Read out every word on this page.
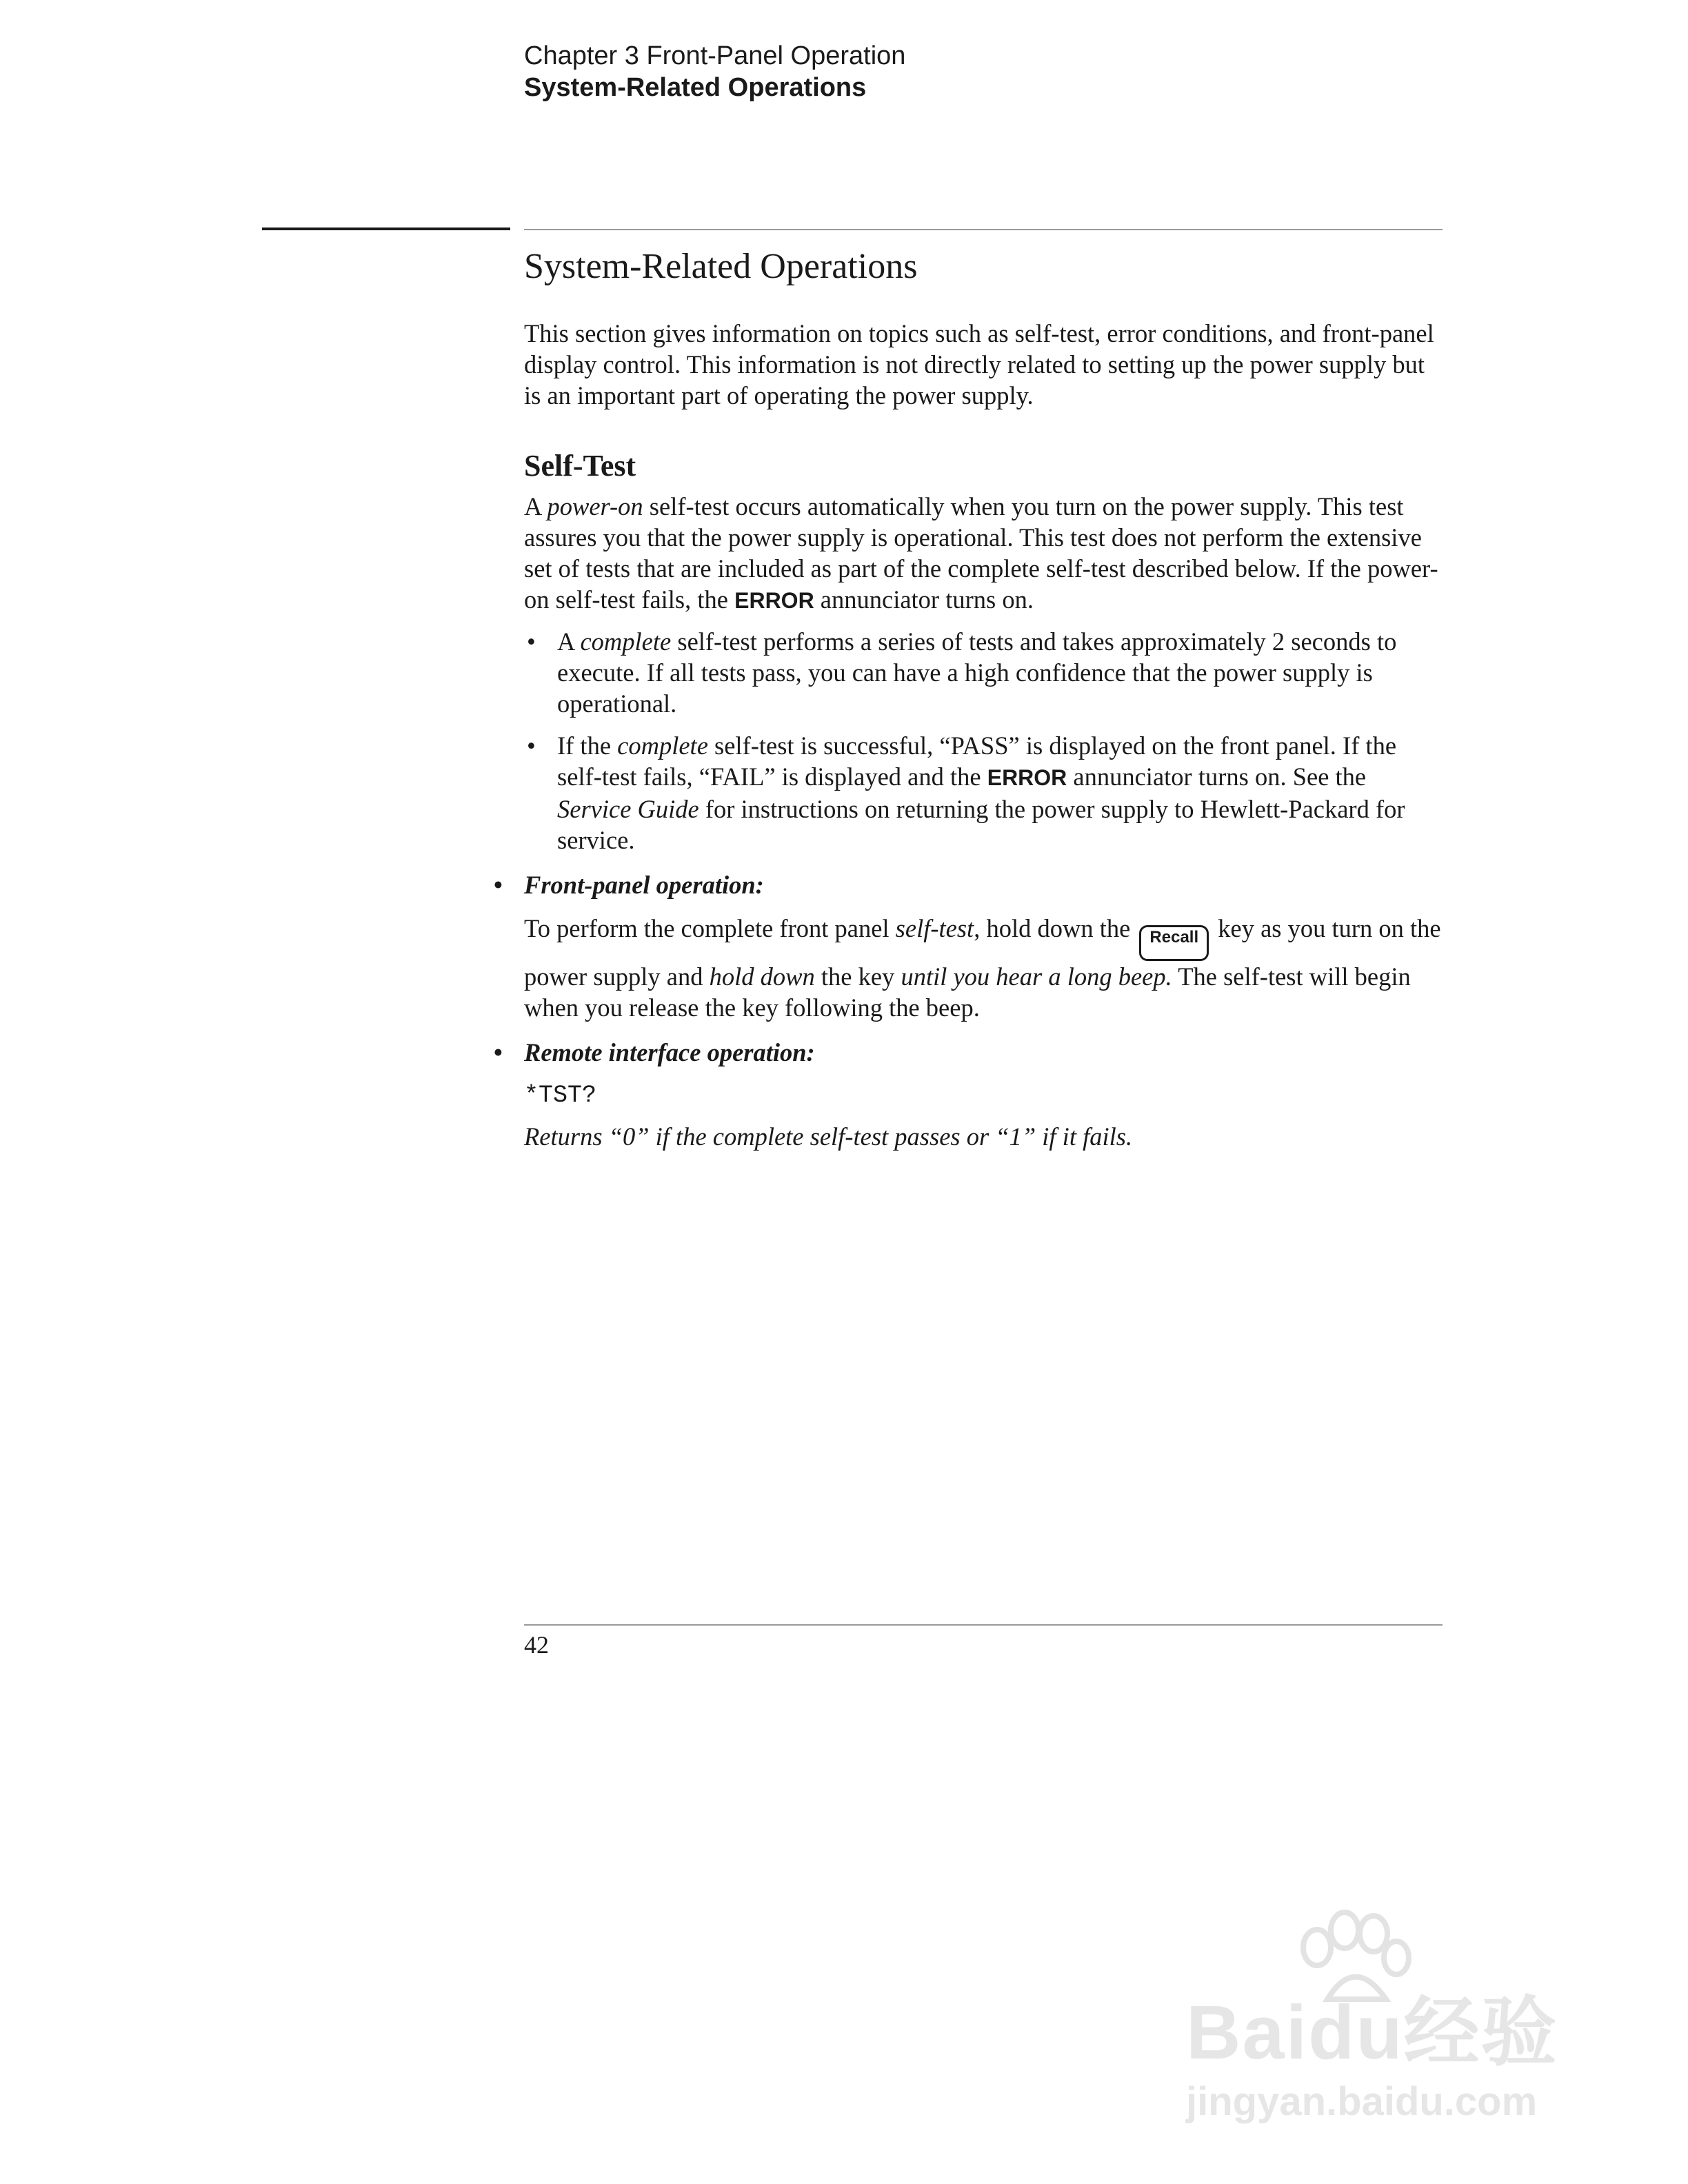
Chapter 3 Front-Panel Operation
System-Related Operations
System-Related Operations

This section gives information on topics such as self-test, error conditions, and front-panel display control. This information is not directly related to setting up the power supply but is an important part of operating the power supply.

Self-Test

A power-on self-test occurs automatically when you turn on the power supply. This test assures you that the power supply is operational. This test does not perform the extensive set of tests that are included as part of the complete self-test described below. If the power-on self-test fails, the ERROR annunciator turns on.

• A complete self-test performs a series of tests and takes approximately 2 seconds to execute. If all tests pass, you can have a high confidence that the power supply is operational.
• If the complete self-test is successful, “PASS” is displayed on the front panel. If the self-test fails, “FAIL” is displayed and the ERROR annunciator turns on. See the Service Guide for instructions on returning the power supply to Hewlett-Packard for service.
• Front-panel operation:

To perform the complete front panel self-test, hold down the Recall key as you turn on the power supply and hold down the key until you hear a long beep. The self-test will begin when you release the key following the beep.

• Remote interface operation:
*TST?

Returns “0” if the complete self-test passes or “1” if it fails.

42
Baidu经验
jingyan.baidu.com
